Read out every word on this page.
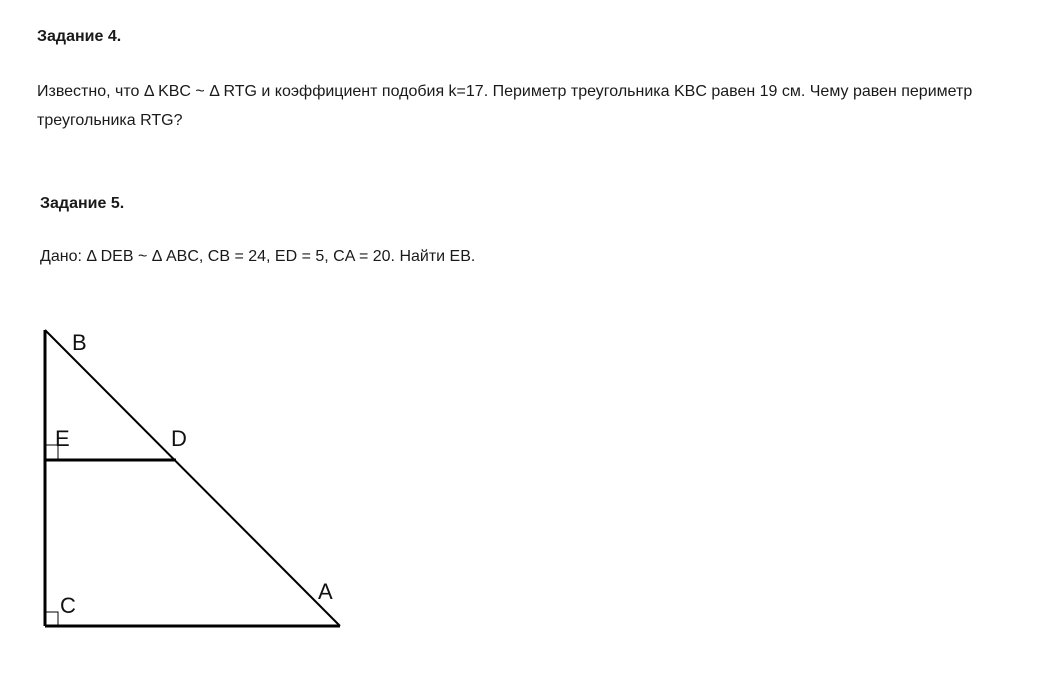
Задание 4.

Известно, что Δ KBC ~ Δ RTG и коэффициент подобия k=17. Периметр треугольника KBC равен 19 см. Чему равен периметр треугольника RTG?

Задание 5.

Дано: Δ DEB ~ Δ ABC, CB = 24, ED = 5, CA = 20. Найти EB.

B
E	D
A
C
